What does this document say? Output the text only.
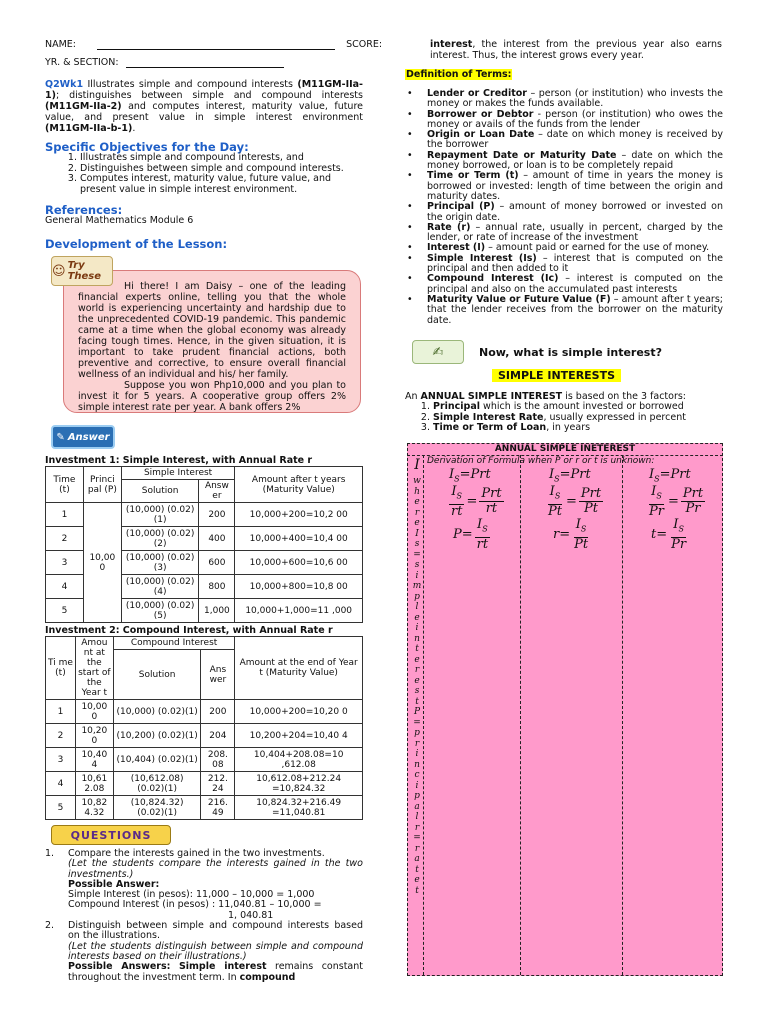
NAME:	SCORE:
YR. & SECTION:
Q2Wk1 Illustrates simple and compound interests (M11GM-IIa-1); distinguishes between simple and compound interests (M11GM-IIa-2) and computes interest, maturity value, future value, and present value in simple interest environment (M11GM-IIa-b-1).
Specific Objectives for the Day:
1. Illustrates simple and compound interests, and
2. Distinguishes between simple and compound interests.
3. Computes interest, maturity value, future value, and present value in simple interest environment.
References:
General Mathematics Module 6
Development of the Lesson:

Hi there! I am Daisy – one of the leading financial experts online, telling you that the whole world is experiencing uncertainty and hardship due to the unprecedented COVID-19 pandemic. This pandemic came at a time when the global economy was already facing tough times. Hence, in the given situation, it is important to take prudent financial actions, both preventive and corrective, to ensure overall financial wellness of an individual and his/ her family.

Suppose you won Php10,000 and you plan to invest it for 5 years. A cooperative group offers 2% simple interest rate per year. A bank offers 2%

☺ Try These
✎ Answer
Investment 1: Simple Interest, with Annual Rate r
Time (t)	Princi pal (P)	Simple Interest		Amount after t years (Maturity Value)
		Solution	Answ er	
1	10,00 0	(10,000) (0.02)(1)	200	10,000+200=10,2 00
2		(10,000) (0.02)(2)	400	10,000+400=10,4 00
3		(10,000) (0.02)(3)	600	10,000+600=10,6 00
4		(10,000) (0.02)(4)	800	10,000+800=10,8 00
5		(10,000) (0.02)(5)	1,000	10,000+1,000=11 ,000
Investment 2: Compound Interest, with Annual Rate r
Ti me (t)	Amou nt at the start of the Year t	Compound Interest		Amount at the end of Year t (Maturity Value)
		Solution	Ans wer	
1	10,00 0	(10,000) (0.02)(1)	200	10,000+200=10,20 0
2	10,20 0	(10,200) (0.02)(1)	204	10,200+204=10,40 4
3	10,40 4	(10,404) (0.02)(1)	208. 08	10,404+208.08=10 ,612.08
4	10,61 2.08	(10,612.08) (0.02)(1)	212. 24	10,612.08+212.24 =10,824.32
5	10,82 4.32	(10,824.32) (0.02)(1)	216. 49	10,824.32+216.49 =11,040.81
QUESTIONS
1.	Compare the interests gained in the two investments.
(Let the students compare the interests gained in the two investments.)
Possible Answer:
Simple Interest (in pesos): 11,000 – 10,000 = 1,000
Compound Interest (in pesos) : 11,040.81 – 10,000 =
1, 040.81
2.	Distinguish between simple and compound interests based on the illustrations.
(Let the students distinguish between simple and compound interests based on their illustrations.)
Possible Answers: Simple interest remains constant throughout the investment term. In compound
interest, the interest from the previous year also earns interest. Thus, the interest grows every year.
Definition of Terms:
• Lender or Creditor – person (or institution) who invests the money or makes the funds available.
• Borrower or Debtor - person (or institution) who owes the money or avails of the funds from the lender
• Origin or Loan Date – date on which money is received by the borrower
• Repayment Date or Maturity Date – date on which the money borrowed, or loan is to be completely repaid
• Time or Term (t) – amount of time in years the money is borrowed or invested: length of time between the origin and maturity dates.
• Principal (P) – amount of money borrowed or invested on the origin date.
• Rate (r) – annual rate, usually in percent, charged by the lender, or rate of increase of the investment
• Interest (I) – amount paid or earned for the use of money.
• Simple Interest (Is) – interest that is computed on the principal and then added to it
• Compound Interest (Ic) – interest is computed on the principal and also on the accumulated past interests
• Maturity Value or Future Value (F) – amount after t years; that the lender receives from the borrower on the maturity date.
✍	Now, what is simple interest?
SIMPLE INTERESTS
An ANNUAL SIMPLE INTEREST is based on the 3 factors:
1. Principal which is the amount invested or borrowed
2. Simple Interest Rate, usually expressed in percent
3. Time or Term of Loan, in years
ANNUAL SIMPLE INETEREST
Derivation of Formula when P or r or t is unknown:
$I_S=Prt$
$\frac{I_S}{rt} = \frac{\text{Prt}}{rt}$
$P= \frac{I_S}{rt}$
$I_S=Prt$
$\frac{I_S}{Pt} = \frac{\text{Prt}}{Pt}$
$r= \frac{I_S}{Pt}$
$I_S=Prt$
$\frac{I_S}{Pr} = \frac{\text{Prt}}{Pr}$
$t= \frac{I_S}{Pr}$
I
w
h
e
r
e
I
s
=
s
i
m
p
l
e
i
n
t
e
r
e
s
t
P
=
p
r
i
n
c
i
p
a
l
r
=
r
a
t
e
t
